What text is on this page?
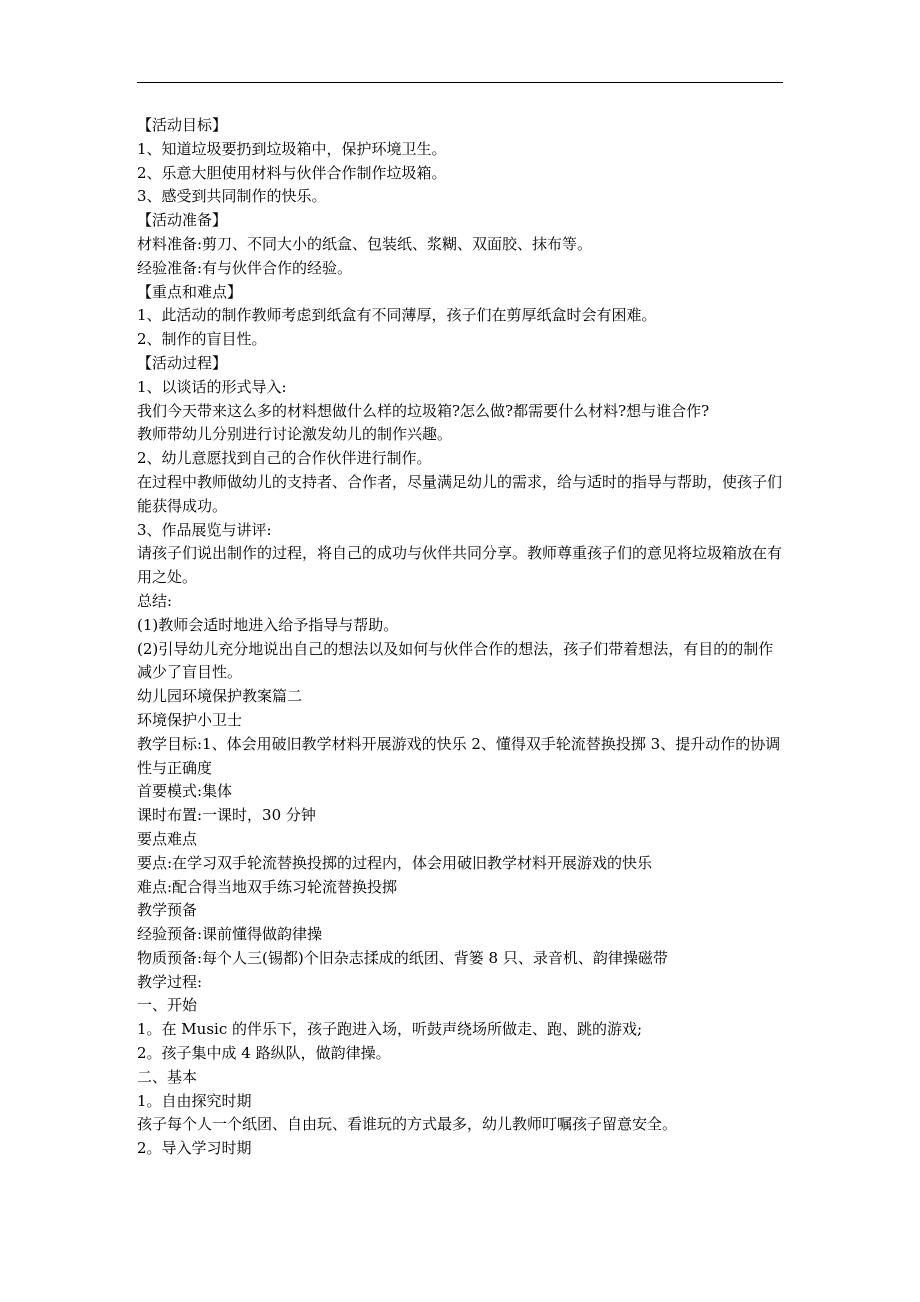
【活动目标】

1、知道垃圾要扔到垃圾箱中，保护环境卫生。

2、乐意大胆使用材料与伙伴合作制作垃圾箱。

3、感受到共同制作的快乐。

【活动准备】

材料准备:剪刀、不同大小的纸盒、包装纸、浆糊、双面胶、抹布等。

经验准备:有与伙伴合作的经验。

【重点和难点】

1、此活动的制作教师考虑到纸盒有不同薄厚，孩子们在剪厚纸盒时会有困难。

2、制作的盲目性。

【活动过程】

1、以谈话的形式导入:

我们今天带来这么多的材料想做什么样的垃圾箱?怎么做?都需要什么材料?想与谁合作?

教师带幼儿分别进行讨论激发幼儿的制作兴趣。

2、幼儿意愿找到自己的合作伙伴进行制作。

在过程中教师做幼儿的支持者、合作者，尽量满足幼儿的需求，给与适时的指导与帮助，使孩子们能获得成功。

3、作品展览与讲评:

请孩子们说出制作的过程，将自己的成功与伙伴共同分享。教师尊重孩子们的意见将垃圾箱放在有用之处。

总结:

(1)教师会适时地进入给予指导与帮助。

(2)引导幼儿充分地说出自己的想法以及如何与伙伴合作的想法，孩子们带着想法，有目的的制作减少了盲目性。

幼儿园环境保护教案篇二

环境保护小卫士

教学目标:1、体会用破旧教学材料开展游戏的快乐 2、懂得双手轮流替换投掷 3、提升动作的协调性与正确度

首要模式:集体

课时布置:一课时，30 分钟

要点难点

要点:在学习双手轮流替换投掷的过程内，体会用破旧教学材料开展游戏的快乐

难点:配合得当地双手练习轮流替换投掷

教学预备

经验预备:课前懂得做韵律操

物质预备:每个人三(锡都)个旧杂志揉成的纸团、背篓 8 只、录音机、韵律操磁带

教学过程:

一、开始

1。在 Music 的伴乐下，孩子跑进入场，听鼓声绕场所做走、跑、跳的游戏;

2。孩子集中成 4 路纵队，做韵律操。

二、基本

1。自由探究时期

孩子每个人一个纸团、自由玩、看谁玩的方式最多，幼儿教师叮嘱孩子留意安全。

2。导入学习时期
